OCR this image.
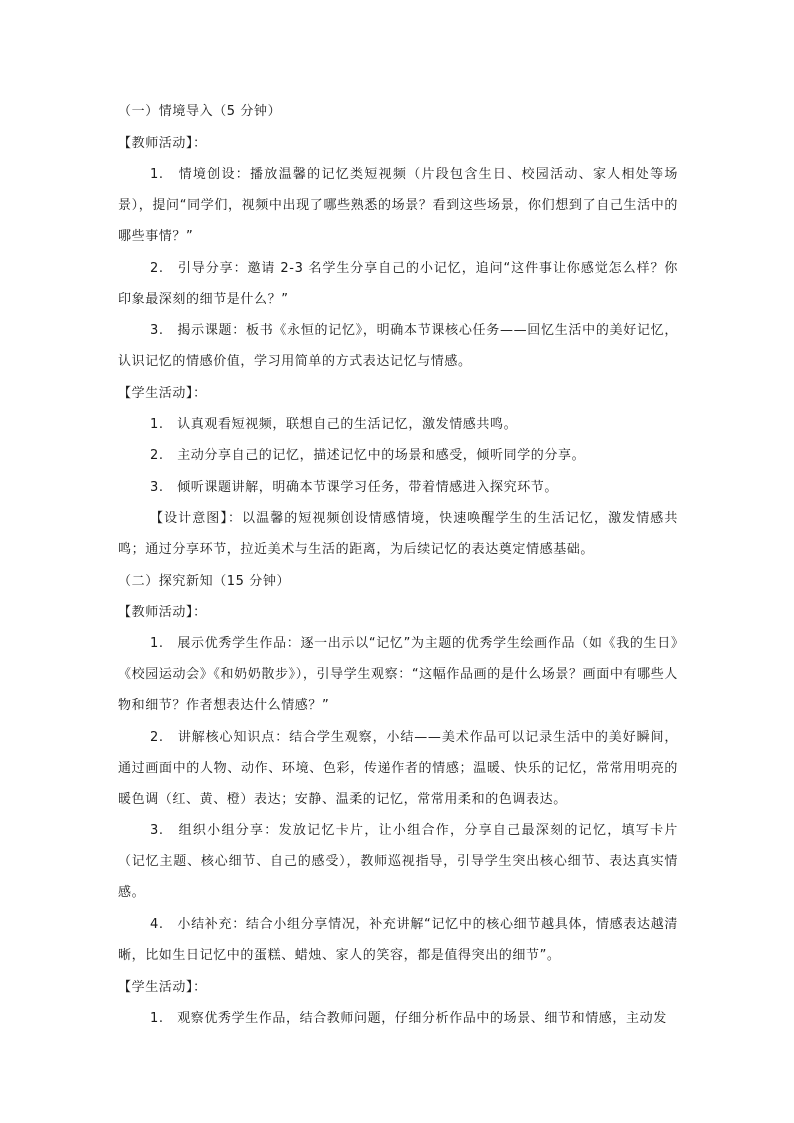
（一）情境导入（5 分钟）

【教师活动】：

1.　情境创设：播放温馨的记忆类短视频（片段包含生日、校园活动、家人相处等场景），提问“同学们，视频中出现了哪些熟悉的场景？看到这些场景，你们想到了自己生活中的哪些事情？”

2.　引导分享：邀请 2-3 名学生分享自己的小记忆，追问“这件事让你感觉怎么样？你印象最深刻的细节是什么？”

3.　揭示课题：板书《永恒的记忆》，明确本节课核心任务——回忆生活中的美好记忆，认识记忆的情感价值，学习用简单的方式表达记忆与情感。

【学生活动】：

1.　认真观看短视频，联想自己的生活记忆，激发情感共鸣。

2.　主动分享自己的记忆，描述记忆中的场景和感受，倾听同学的分享。

3.　倾听课题讲解，明确本节课学习任务，带着情感进入探究环节。

【设计意图】：以温馨的短视频创设情感情境，快速唤醒学生的生活记忆，激发情感共鸣；通过分享环节，拉近美术与生活的距离，为后续记忆的表达奠定情感基础。

（二）探究新知（15 分钟）

【教师活动】：

1.　展示优秀学生作品：逐一出示以“记忆”为主题的优秀学生绘画作品（如《我的生日》《校园运动会》《和奶奶散步》），引导学生观察：“这幅作品画的是什么场景？画面中有哪些人物和细节？作者想表达什么情感？”

2.　讲解核心知识点：结合学生观察，小结——美术作品可以记录生活中的美好瞬间，通过画面中的人物、动作、环境、色彩，传递作者的情感；温暖、快乐的记忆，常常用明亮的暖色调（红、黄、橙）表达；安静、温柔的记忆，常常用柔和的色调表达。

3.　组织小组分享：发放记忆卡片，让小组合作，分享自己最深刻的记忆，填写卡片（记忆主题、核心细节、自己的感受），教师巡视指导，引导学生突出核心细节、表达真实情感。

4.　小结补充：结合小组分享情况，补充讲解“记忆中的核心细节越具体，情感表达越清晰，比如生日记忆中的蛋糕、蜡烛、家人的笑容，都是值得突出的细节”。

【学生活动】：

1.　观察优秀学生作品，结合教师问题，仔细分析作品中的场景、细节和情感，主动发
